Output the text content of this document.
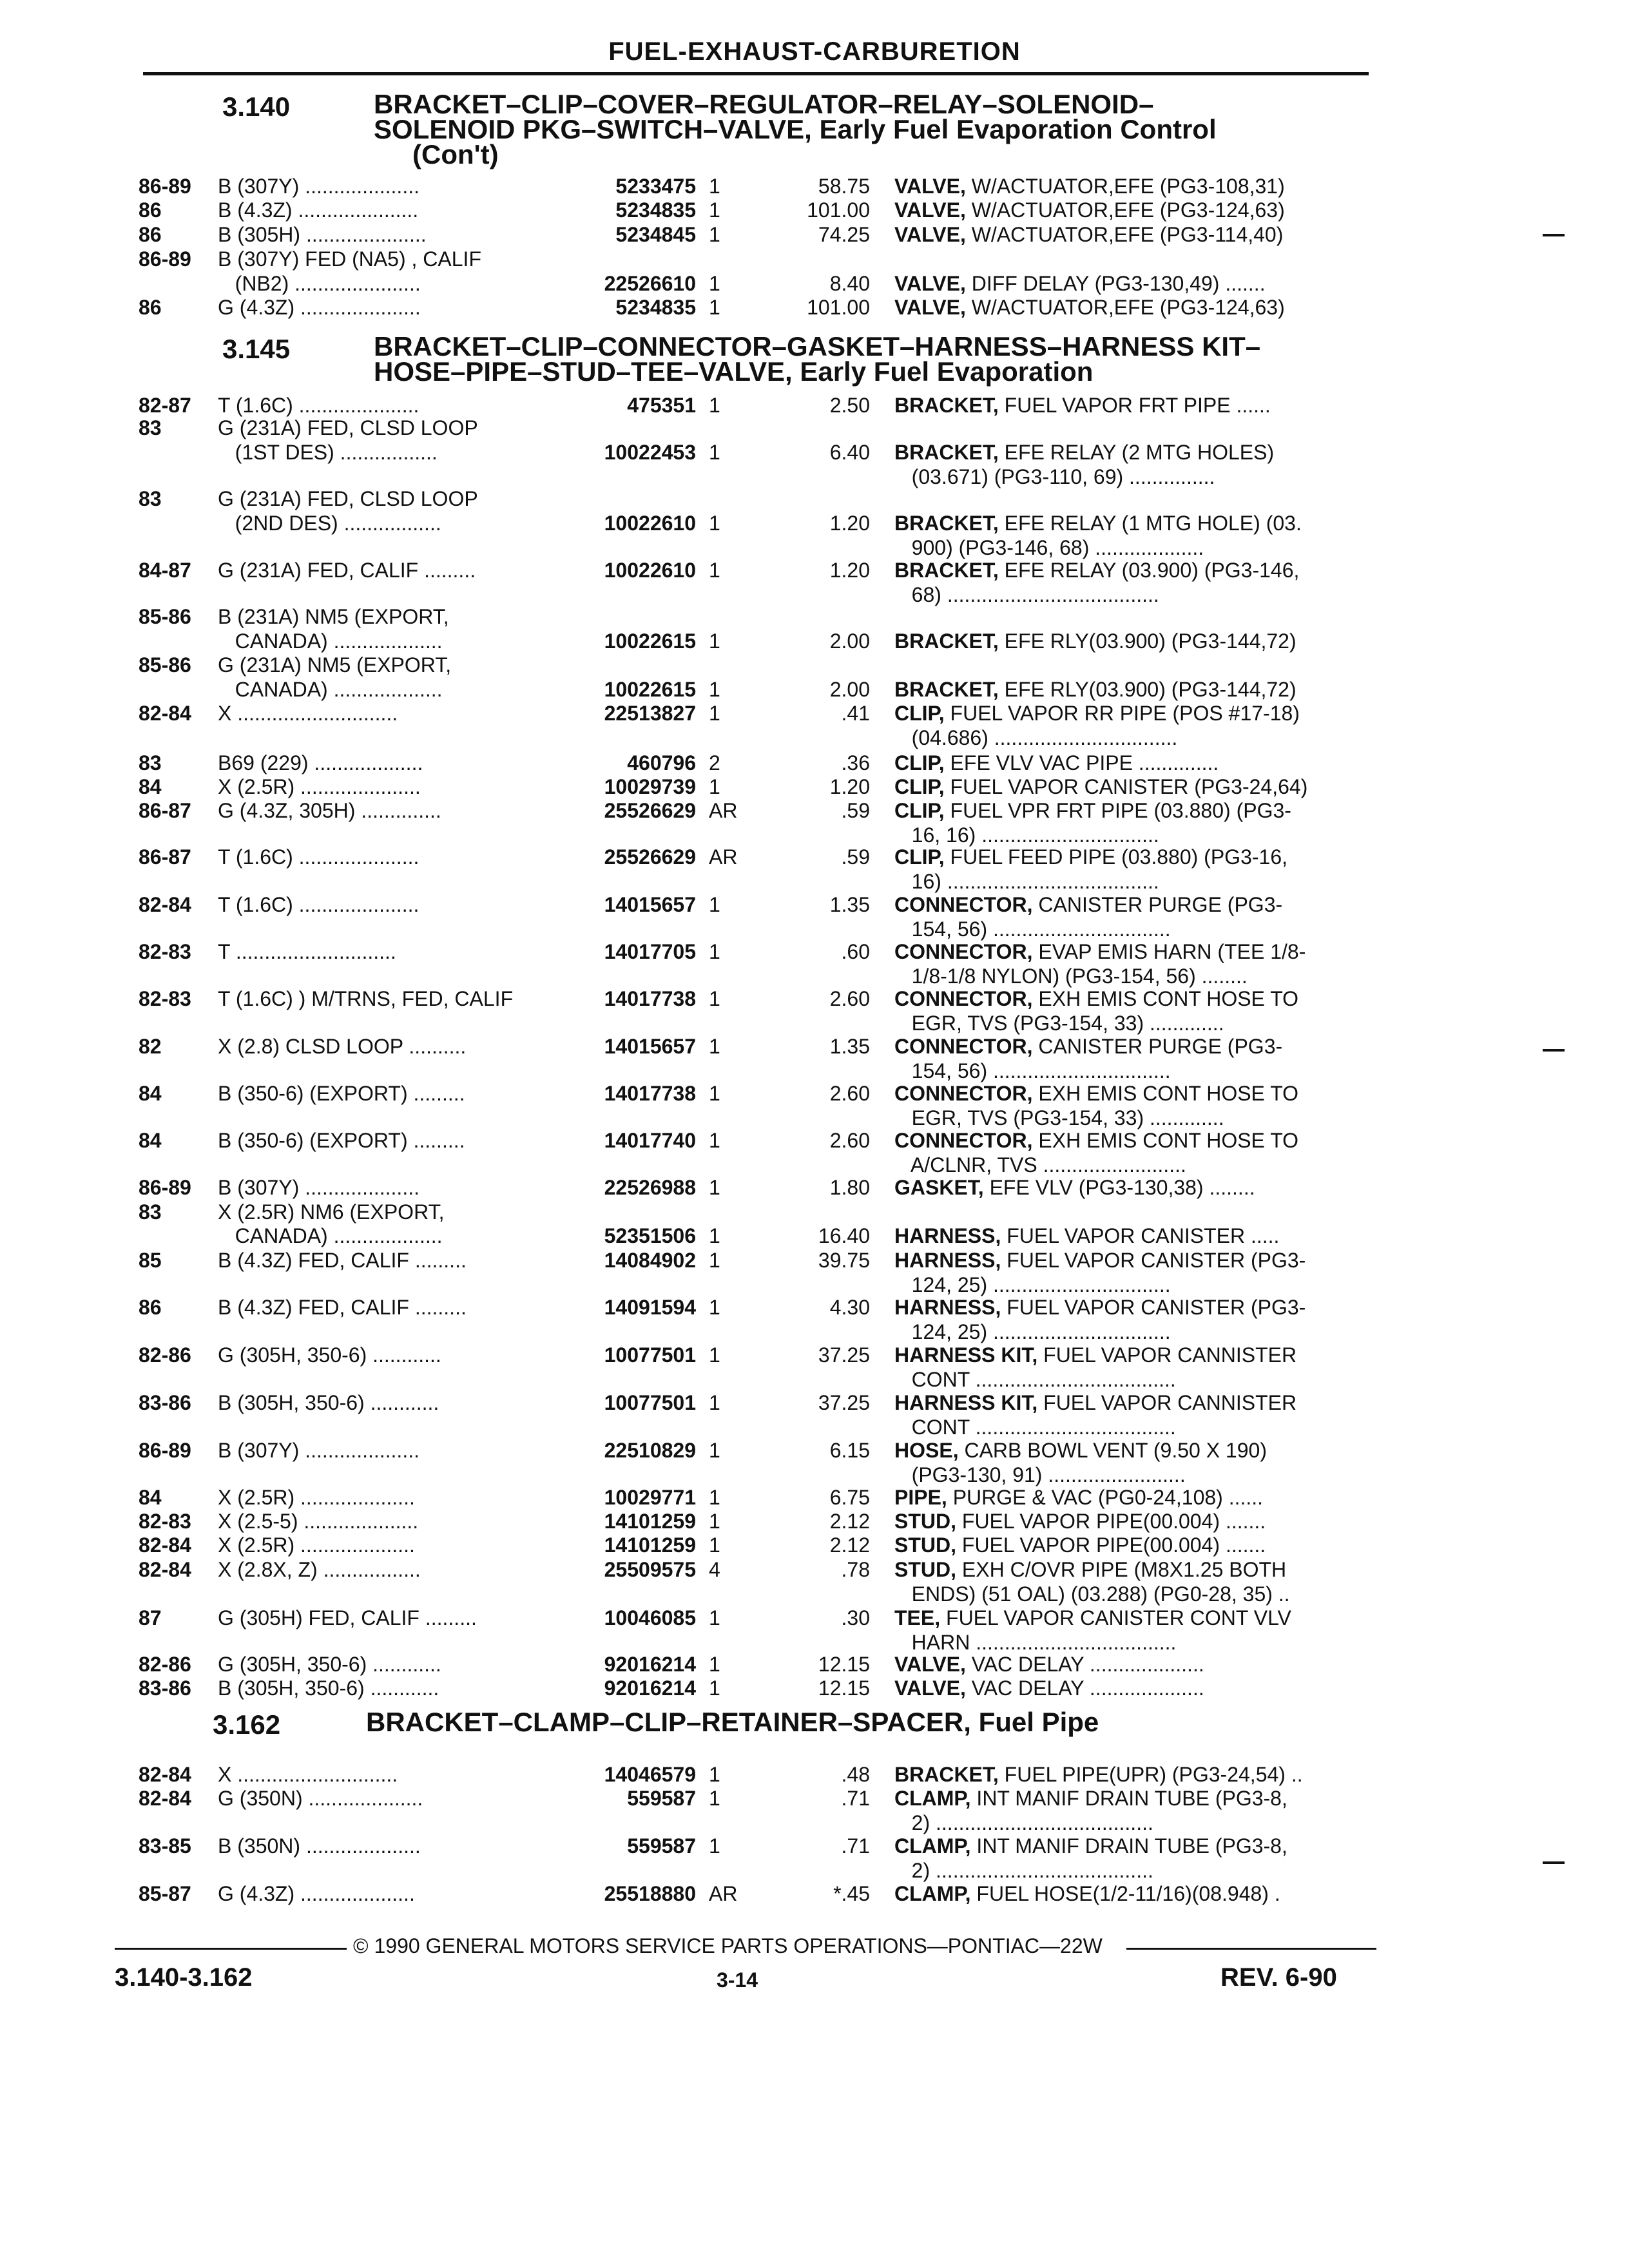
FUEL-EXHAUST-CARBURETION
3.140	BRACKET–CLIP–COVER–REGULATOR–RELAY–SOLENOID–
SOLENOID PKG–SWITCH–VALVE, Early Fuel Evaporation Control

(Con't)
3.145	BRACKET–CLIP–CONNECTOR–GASKET–HARNESS–HARNESS KIT–
HOSE–PIPE–STUD–TEE–VALVE, Early Fuel Evaporation
3.162	BRACKET–CLAMP–CLIP–RETAINER–SPACER, Fuel Pipe
86-89	B (307Y) ....................	5233475 1	58.75 VALVE, W/ACTUATOR,EFE (PG3-108,31)
86	B (4.3Z) .....................	5234835 1	101.00 VALVE, W/ACTUATOR,EFE (PG3-124,63)
86	B (305H) .....................	5234845 1	74.25 VALVE, W/ACTUATOR,EFE (PG3-114,40)
86-89	B (307Y) FED (NA5) , CALIF
(NB2) ......................	22526610 1	8.40 VALVE, DIFF DELAY (PG3-130,49) .......
86	G (4.3Z) .....................	5234835 1	101.00 VALVE, W/ACTUATOR,EFE (PG3-124,63)
82-87	T (1.6C) .....................	475351 1	2.50 BRACKET, FUEL VAPOR FRT PIPE ......
83	G (231A) FED, CLSD LOOP
(1ST DES) .................	10022453 1	6.40 BRACKET, EFE RELAY (2 MTG HOLES)
(03.671) (PG3-110, 69) ...............
83	G (231A) FED, CLSD LOOP
(2ND DES) .................	10022610 1	1.20 BRACKET, EFE RELAY (1 MTG HOLE) (03.
900) (PG3-146, 68) ...................
84-87	G (231A) FED, CALIF .........	10022610 1	1.20 BRACKET, EFE RELAY (03.900) (PG3-146,
68) .....................................
85-86	B (231A) NM5 (EXPORT,
CANADA) ...................	10022615 1	2.00 BRACKET, EFE RLY(03.900) (PG3-144,72)
85-86	G (231A) NM5 (EXPORT,
CANADA) ...................	10022615 1	2.00 BRACKET, EFE RLY(03.900) (PG3-144,72)
82-84	X ............................	22513827 1	.41 CLIP, FUEL VAPOR RR PIPE (POS #17-18)
(04.686) ................................
83	B69 (229) ...................	460796 2	.36 CLIP, EFE VLV VAC PIPE ..............
84	X (2.5R) .....................	10029739 1	1.20 CLIP, FUEL VAPOR CANISTER (PG3-24,64)
86-87	G (4.3Z, 305H) ..............	25526629 AR	.59 CLIP, FUEL VPR FRT PIPE (03.880) (PG3-
16, 16) ...............................
86-87	T (1.6C) .....................	25526629 AR	.59 CLIP, FUEL FEED PIPE (03.880) (PG3-16,
16) .....................................
82-84	T (1.6C) .....................	14015657 1	1.35 CONNECTOR, CANISTER PURGE (PG3-
154, 56) ...............................
82-83	T ............................	14017705 1	.60 CONNECTOR, EVAP EMIS HARN (TEE 1/8-
1/8-1/8 NYLON) (PG3-154, 56) ........
82-83	T (1.6C) ) M/TRNS, FED, CALIF	14017738 1	2.60 CONNECTOR, EXH EMIS CONT HOSE TO
EGR, TVS (PG3-154, 33) .............
82	X (2.8) CLSD LOOP ..........	14015657 1	1.35 CONNECTOR, CANISTER PURGE (PG3-
154, 56) ...............................
84	B (350-6) (EXPORT) .........	14017738 1	2.60 CONNECTOR, EXH EMIS CONT HOSE TO
EGR, TVS (PG3-154, 33) .............
84	B (350-6) (EXPORT) .........	14017740 1	2.60 CONNECTOR, EXH EMIS CONT HOSE TO
A/CLNR, TVS .........................
86-89	B (307Y) ....................	22526988 1	1.80 GASKET, EFE VLV (PG3-130,38) ........
83	X (2.5R) NM6 (EXPORT,
CANADA) ...................	52351506 1	16.40 HARNESS, FUEL VAPOR CANISTER .....
85	B (4.3Z) FED, CALIF .........	14084902 1	39.75 HARNESS, FUEL VAPOR CANISTER (PG3-
124, 25) ...............................
86	B (4.3Z) FED, CALIF .........	14091594 1	4.30 HARNESS, FUEL VAPOR CANISTER (PG3-
124, 25) ...............................
82-86	G (305H, 350-6) ............	10077501 1	37.25 HARNESS KIT, FUEL VAPOR CANNISTER
CONT ...................................
83-86	B (305H, 350-6) ............	10077501 1	37.25 HARNESS KIT, FUEL VAPOR CANNISTER
CONT ...................................
86-89	B (307Y) ....................	22510829 1	6.15 HOSE, CARB BOWL VENT (9.50 X 190)
(PG3-130, 91) ........................
84	X (2.5R) ....................	10029771 1	6.75 PIPE, PURGE & VAC (PG0-24,108) ......
82-83	X (2.5-5) ....................	14101259 1	2.12 STUD, FUEL VAPOR PIPE(00.004) .......
82-84	X (2.5R) ....................	14101259 1	2.12 STUD, FUEL VAPOR PIPE(00.004) .......
82-84	X (2.8X, Z) .................	25509575 4	.78 STUD, EXH C/OVR PIPE (M8X1.25 BOTH
ENDS) (51 OAL) (03.288) (PG0-28, 35) ..
87	G (305H) FED, CALIF .........	10046085 1	.30 TEE, FUEL VAPOR CANISTER CONT VLV
HARN ...................................
82-86	G (305H, 350-6) ............	92016214 1	12.15 VALVE, VAC DELAY ....................
83-86	B (305H, 350-6) ............	92016214 1	12.15 VALVE, VAC DELAY ....................
82-84	X ............................	14046579 1	.48 BRACKET, FUEL PIPE(UPR) (PG3-24,54) ..
82-84	G (350N) ....................	559587 1	.71 CLAMP, INT MANIF DRAIN TUBE (PG3-8,
2) ......................................
83-85	B (350N) ....................	559587 1	.71 CLAMP, INT MANIF DRAIN TUBE (PG3-8,
2) ......................................
85-87	G (4.3Z) ....................	25518880 AR	*.45 CLAMP, FUEL HOSE(1/2-11/16)(08.948) .
© 1990 GENERAL MOTORS SERVICE PARTS OPERATIONS—PONTIAC—22W
3.140-3.162	3-14	REV. 6-90
